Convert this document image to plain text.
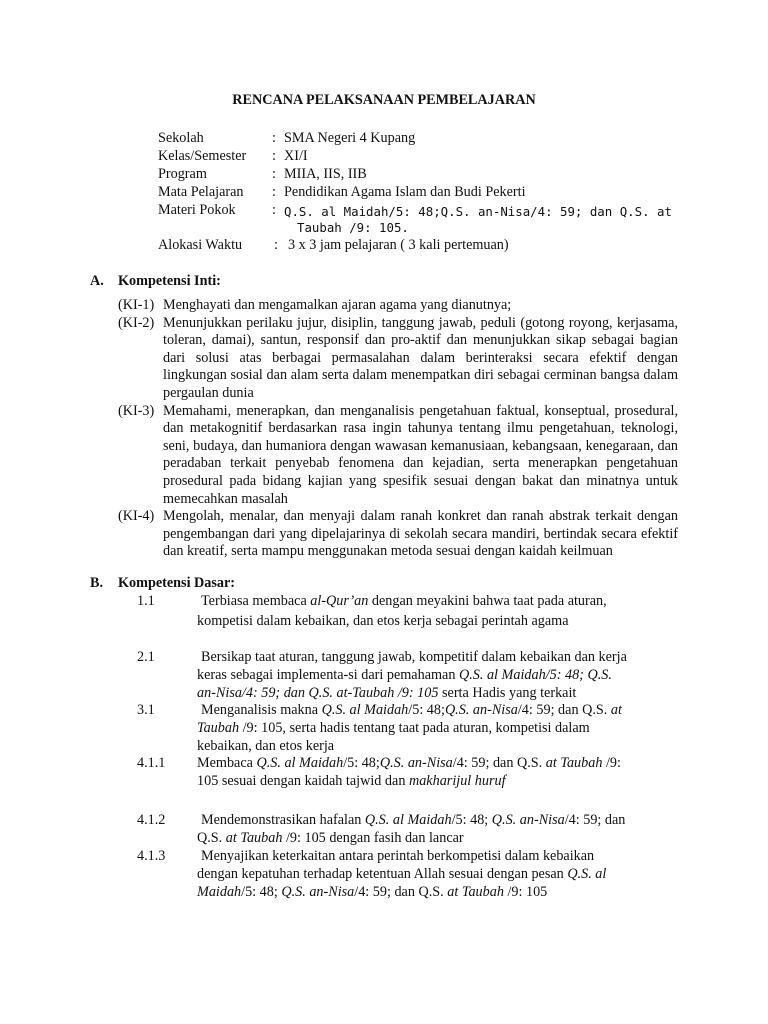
RENCANA PELAKSANAAN PEMBELAJARAN
Sekolah	: SMA Negeri 4 Kupang
Kelas/Semester : XI/I
Program	: MIIA, IIS, IIB
Mata Pelajaran : Pendidikan Agama Islam dan Budi Pekerti
Materi Pokok	: Q.S. al Maidah/5: 48;Q.S. an-Nisa/4: 59; dan Q.S. at
Taubah /9: 105.
Alokasi Waktu : 3 x 3 jam pelajaran ( 3 kali pertemuan)
A. Kompetensi Inti:
(KI-1) Menghayati dan mengamalkan ajaran agama yang dianutnya;
(KI-2) Menunjukkan perilaku jujur, disiplin, tanggung jawab, peduli (gotong royong, kerjasama, toleran, damai), santun, responsif dan pro-aktif dan menunjukkan sikap sebagai bagian dari solusi atas berbagai permasalahan dalam berinteraksi secara efektif dengan lingkungan sosial dan alam serta dalam menempatkan diri sebagai cerminan bangsa dalam pergaulan dunia
(KI-3) Memahami, menerapkan, dan menganalisis pengetahuan faktual, konseptual, prosedural, dan metakognitif berdasarkan rasa ingin tahunya tentang ilmu pengetahuan, teknologi, seni, budaya, dan humaniora dengan wawasan kemanusiaan, kebangsaan, kenegaraan, dan peradaban terkait penyebab fenomena dan kejadian, serta menerapkan pengetahuan prosedural pada bidang kajian yang spesifik sesuai dengan bakat dan minatnya untuk memecahkan masalah
(KI-4) Mengolah, menalar, dan menyaji dalam ranah konkret dan ranah abstrak terkait dengan pengembangan dari yang dipelajarinya di sekolah secara mandiri, bertindak secara efektif dan kreatif, serta mampu menggunakan metoda sesuai dengan kaidah keilmuan
B. Kompetensi Dasar:
1.1	Terbiasa membaca al-Qur’an dengan meyakini bahwa taat pada aturan,
kompetisi dalam kebaikan, dan etos kerja sebagai perintah agama
2.1	Bersikap taat aturan, tanggung jawab, kompetitif dalam kebaikan dan kerja
keras sebagai implementa-si dari pemahaman Q.S. al Maidah/5: 48; Q.S.
an-Nisa/4: 59; dan Q.S. at-Taubah /9: 105 serta Hadis yang terkait
3.1	Menganalisis makna Q.S. al Maidah/5: 48;Q.S. an-Nisa/4: 59; dan Q.S. at
Taubah /9: 105, serta hadis tentang taat pada aturan, kompetisi dalam
kebaikan, dan etos kerja
4.1.1 Membaca Q.S. al Maidah/5: 48;Q.S. an-Nisa/4: 59; dan Q.S. at Taubah /9:
105 sesuai dengan kaidah tajwid dan makharijul huruf
4.1.2	Mendemonstrasikan hafalan Q.S. al Maidah/5: 48; Q.S. an-Nisa/4: 59; dan
Q.S. at Taubah /9: 105 dengan fasih dan lancar
4.1.3	Menyajikan keterkaitan antara perintah berkompetisi dalam kebaikan
dengan kepatuhan terhadap ketentuan Allah sesuai dengan pesan Q.S. al
Maidah/5: 48; Q.S. an-Nisa/4: 59; dan Q.S. at Taubah /9: 105
